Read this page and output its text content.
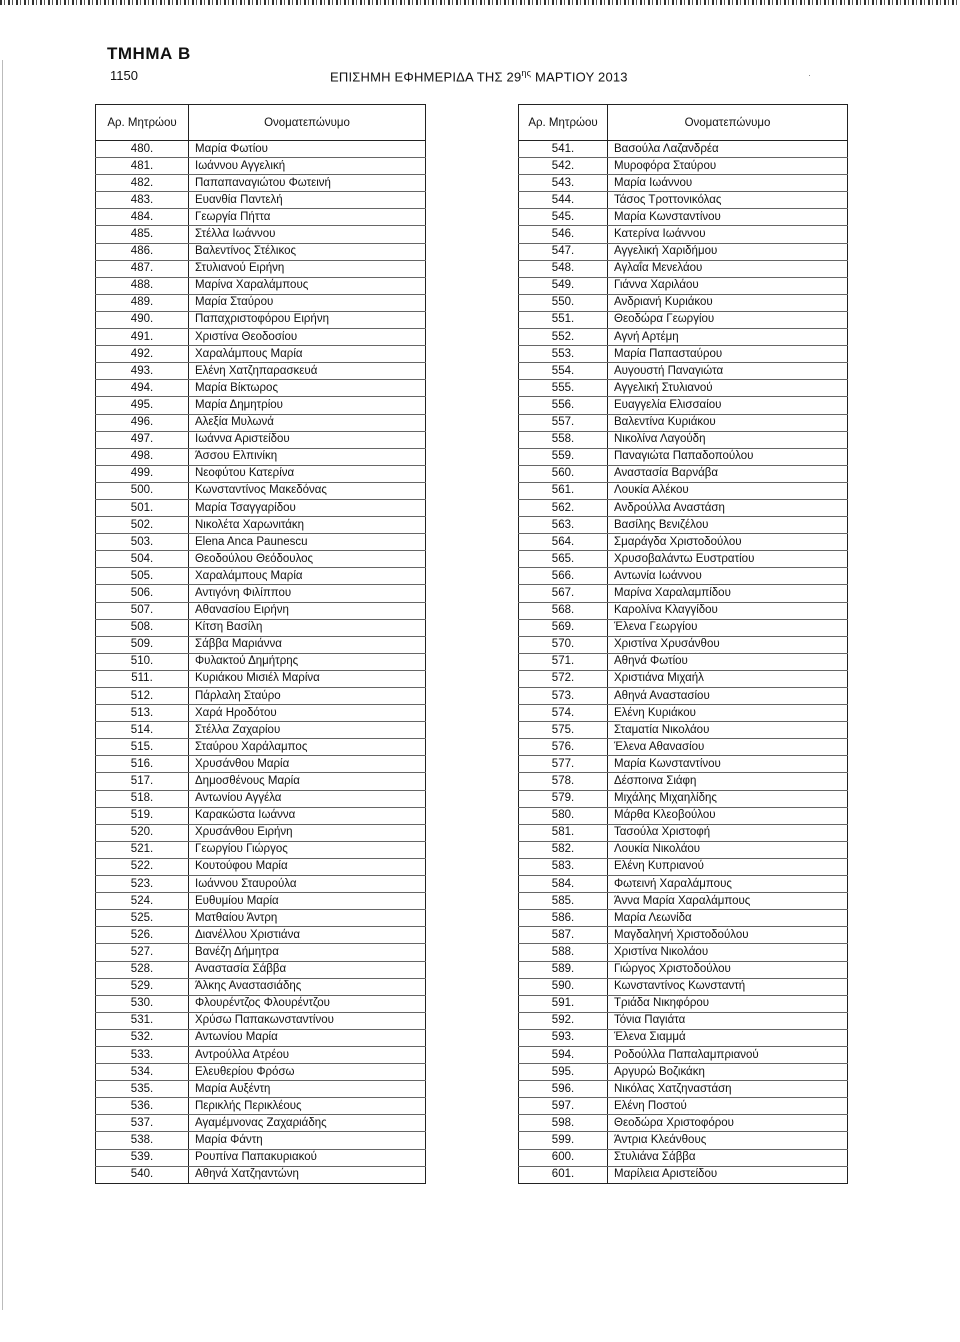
ΤΜΗΜΑ Β
1150	ΕΠΙΣΗΜΗ ΕΦΗΜΕΡΙΔΑ ΤΗΣ $29^{\eta\varsigma}$ ΜΑΡΤΙΟΥ 2013	·
Αρ. Μητρώου	Ονοματεπώνυμο
480.	Μαρία Φωτίου
481.	Ιωάννου Αγγελική
482.	Παπαπαναγιώτου Φωτεινή
483.	Ευανθία Παντελή
484.	Γεωργία Πήττα
485.	Στέλλα Ιωάννου
486.	Βαλεντίνος Στέλικος
487.	Στυλιανού Ειρήνη
488.	Μαρίνα Χαραλάμπους
489.	Μαρία Σταύρου
490.	Παπαχριστοφόρου Ειρήνη
491.	Χριστίνα Θεοδοσίου
492.	Χαραλάμπους Μαρία
493.	Ελένη Χατζηπαρασκευά
494.	Μαρία Βίκτωρος
495.	Μαρία Δημητρίου
496.	Αλεξία Μυλωνά
497.	Ιωάννα Αριστείδου
498.	Άσσου Ελπινίκη
499.	Νεοφύτου Κατερίνα
500.	Κωνσταντίνος Μακεδόνας
501.	Μαρία Τσαγγαρίδου
502.	Νικολέτα Χαρωνιτάκη
503.	Elena Anca Paunescu
504.	Θεοδούλου Θεόδουλος
505.	Χαραλάμπους Μαρία
506.	Αντιγόνη Φιλίππου
507.	Αθανασίου Ειρήνη
508.	Κίτση Βασίλη
509.	Σάββα Μαριάννα
510.	Φυλακτού Δημήτρης
511.	Κυριάκου Μισιέλ Μαρίνα
512.	Πάρλαλη Σταύρο
513.	Χαρά Ηροδότου
514.	Στέλλα Ζαχαρίου
515.	Σταύρου Χαράλαμπος
516.	Χρυσάνθου Μαρία
517.	Δημοσθένους Μαρία
518.	Αντωνίου Αγγέλα
519.	Καρακώστα Ιωάννα
520.	Χρυσάνθου Ειρήνη
521.	Γεωργίου Γιώργος
522.	Κουτούφου Μαρία
523.	Ιωάννου Σταυρούλα
524.	Ευθυμίου Μαρία
525.	Ματθαίου Άντρη
526.	Διανέλλου Χριστιάνα
527.	Βανέζη Δήμητρα
528.	Αναστασία Σάββα
529.	Άλκης Αναστασιάδης
530.	Φλουρέντζος Φλουρέντζου
531.	Χρύσω Παπακωνσταντίνου
532.	Αντωνίου Μαρία
533.	Αντρούλλα Ατρέου
534.	Ελευθερίου Φρόσω
535.	Μαρία Αυξέντη
536.	Περικλής Περικλέους
537.	Αγαμέμνονας Ζαχαριάδης
538.	Μαρία Φάντη
539.	Ρουπίνα Παπακυριακού
540.	Αθηνά Χατζηαντώνη
Αρ. Μητρώου	Ονοματεπώνυμο
541.	Βασούλα Λαζανδρέα
542.	Μυροφόρα Σταύρου
543.	Μαρία Ιωάννου
544.	Τάσος Τροττονικόλας
545.	Μαρία Κωνσταντίνου
546.	Κατερίνα Ιωάννου
547.	Αγγελική Χαριδήμου
548.	Αγλαΐα Μενελάου
549.	Γιάννα Χαριλάου
550.	Ανδριανή Κυριάκου
551.	Θεοδώρα Γεωργίου
552.	Αγνή Αρτέμη
553.	Μαρία Παπασταύρου
554.	Αυγουστή Παναγιώτα
555.	Αγγελική Στυλιανού
556.	Ευαγγελία Ελισσαίου
557.	Βαλεντίνα Κυριάκου
558.	Νικολίνα Λαγούδη
559.	Παναγιώτα Παπαδοπούλου
560.	Αναστασία Βαρνάβα
561.	Λουκία Αλέκου
562.	Ανδρούλλα Αναστάση
563.	Βασίλης Βενιζέλου
564.	Σμαράγδα Χριστοδούλου
565.	Χρυσοβαλάντω Ευστρατίου
566.	Αντωνία Ιωάννου
567.	Μαρίνα Χαραλαμπίδου
568.	Καρολίνα Κλαγγίδου
569.	Έλενα Γεωργίου
570.	Χριστίνα Χρυσάνθου
571.	Αθηνά Φωτίου
572.	Χριστιάνα Μιχαήλ
573.	Αθηνά Αναστασίου
574.	Ελένη Κυριάκου
575.	Σταματία Νικολάου
576.	Έλενα Αθανασίου
577.	Μαρία Κωνσταντίνου
578.	Δέσποινα Σιάφη
579.	Μιχάλης Μιχαηλίδης
580.	Μάρθα Κλεοβούλου
581.	Τασούλα Χριστοφή
582.	Λουκία Νικολάου
583.	Ελένη Κυπριανού
584.	Φωτεινή Χαραλάμπους
585.	Άννα Μαρία Χαραλάμπους
586.	Μαρία Λεωνίδα
587.	Μαγδαληνή Χριστοδούλου
588.	Χριστίνα Νικολάου
589.	Γιώργος Χριστοδούλου
590.	Κωνσταντίνος Κωνσταντή
591.	Τριάδα Νικηφόρου
592.	Τόνια Παγιάτα
593.	Έλενα Σιαμμά
594.	Ροδούλλα Παπαλαμπριανού
595.	Αργυρώ Βοζικάκη
596.	Νικόλας Χατζηναστάση
597.	Ελένη Ποστού
598.	Θεοδώρα Χριστοφόρου
599.	Άντρια Κλεάνθους
600.	Στυλιάνα Σάββα
601.	Μαρίλεια Αριστείδου
